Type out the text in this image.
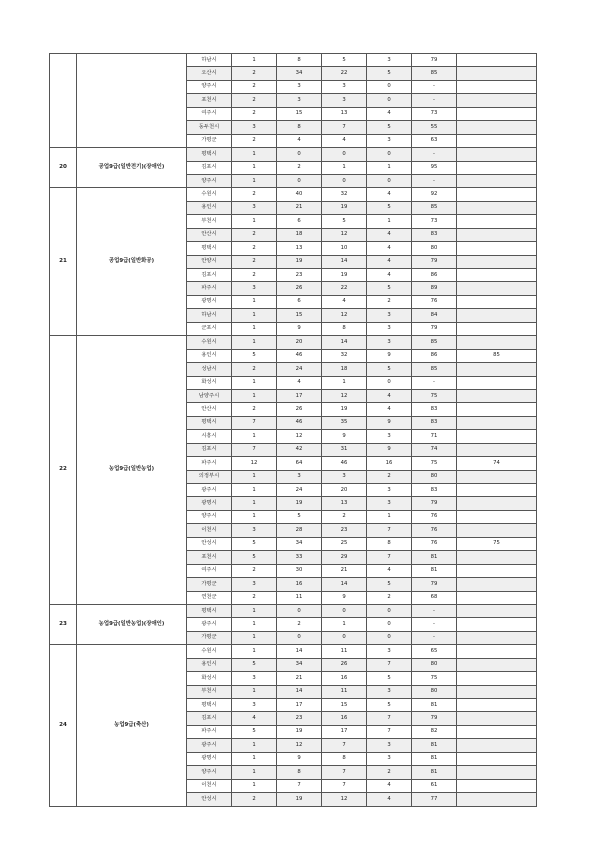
		하남시	1	8	5	3	79	
		오산시	2	34	22	5	85	
		양주시	2	3	3	0	-	
		포천시	2	3	3	0	-	
		여주시	2	15	13	4	73	
		동두천시	3	8	7	5	55	
		가평군	2	4	4	3	63	
20	공업9급(일반전기)(장애인)	평택시	1	0	0	0	-	
		김포시	1	2	1	1	95	
		양주시	1	0	0	0	-	
21	공업9급(일반화공)	수원시	2	40	32	4	92	
		용인시	3	21	19	5	85	
		부천시	1	6	5	1	73	
		안산시	2	18	12	4	83	
		평택시	2	13	10	4	80	
		안양시	2	19	14	4	79	
		김포시	2	23	19	4	86	
		파주시	3	26	22	5	89	
		광명시	1	6	4	2	76	
		하남시	1	15	12	3	84	
		군포시	1	9	8	3	79	
22	농업9급(일반농업)	수원시	1	20	14	3	85	
		용인시	5	46	32	9	86	85
		성남시	2	24	18	5	85	
		화성시	1	4	1	0	-	
		남양주시	1	17	12	4	75	
		안산시	2	26	19	4	83	
		평택시	7	46	35	9	83	
		시흥시	1	12	9	3	71	
		김포시	7	42	31	9	74	
		파주시	12	64	46	16	75	74
		의정부시	1	3	3	2	80	
		광주시	1	24	20	3	83	
		광명시	1	19	13	3	79	
		양주시	1	5	2	1	76	
		이천시	3	28	23	7	76	
		안성시	5	34	25	8	76	75
		포천시	5	33	29	7	81	
		여주시	2	30	21	4	81	
		가평군	3	16	14	5	79	
		연천군	2	11	9	2	68	
23	농업9급(일반농업)(장애인)	평택시	1	0	0	0	-	
		광주시	1	2	1	0	-	
		가평군	1	0	0	0	-	
24	농업9급(축산)	수원시	1	14	11	3	65	
		용인시	5	34	26	7	80	
		화성시	3	21	16	5	75	
		부천시	1	14	11	3	80	
		평택시	3	17	15	5	81	
		김포시	4	23	16	7	79	
		파주시	5	19	17	7	82	
		광주시	1	12	7	3	81	
		광명시	1	9	8	3	81	
		양주시	1	8	7	2	81	
		이천시	1	7	7	4	61	
		안성시	2	19	12	4	77	
